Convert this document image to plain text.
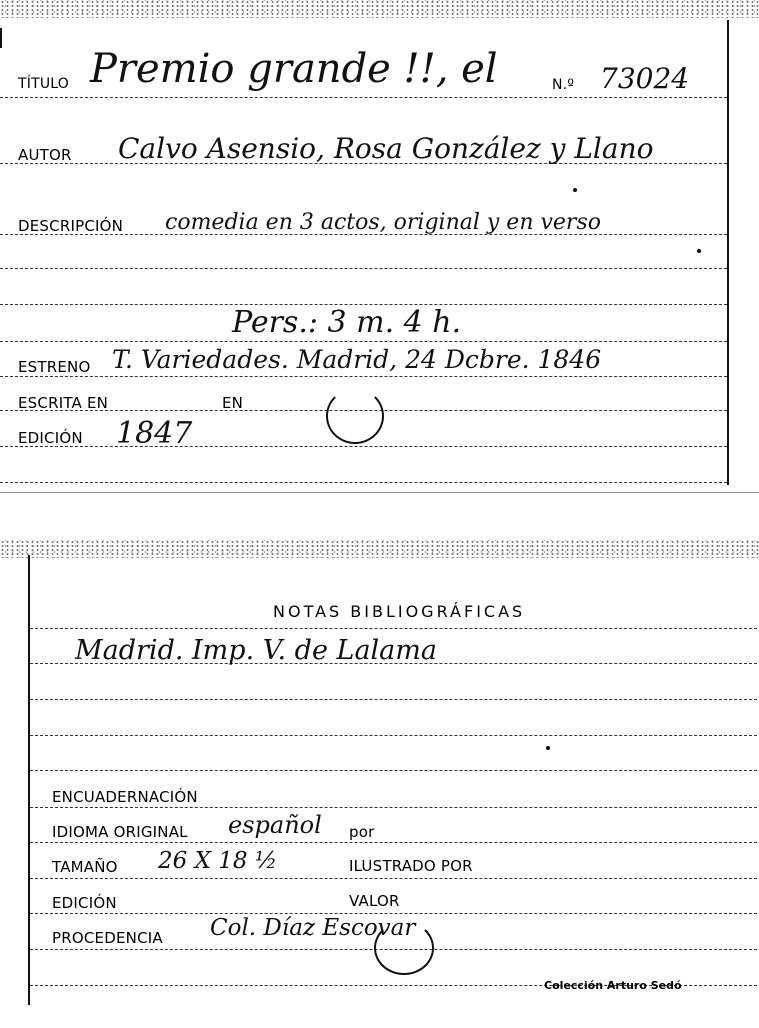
TÍTULO Premio grande !!, el	N.º 73024
AUTOR Calvo Asensio, Rosa González y Llano
DESCRIPCIÓN comedia en 3 actos, original y en verso
Pers.: 3 m. 4 h.
ESTRENO T. Variedades. Madrid, 24 Dcbre. 1846
ESCRITA EN	EN
EDICIÓN 1847
NOTAS BIBLIOGRÁFICAS
Madrid. Imp. V. de Lalama
ENCUADERNACIÓN
IDIOMA ORIGINAL español por
TAMAÑO 26 X 18 ½	ILUSTRADO POR
EDICIÓN	VALOR
PROCEDENCIA Col. Díaz Escovar
Colección Arturo Sedó
